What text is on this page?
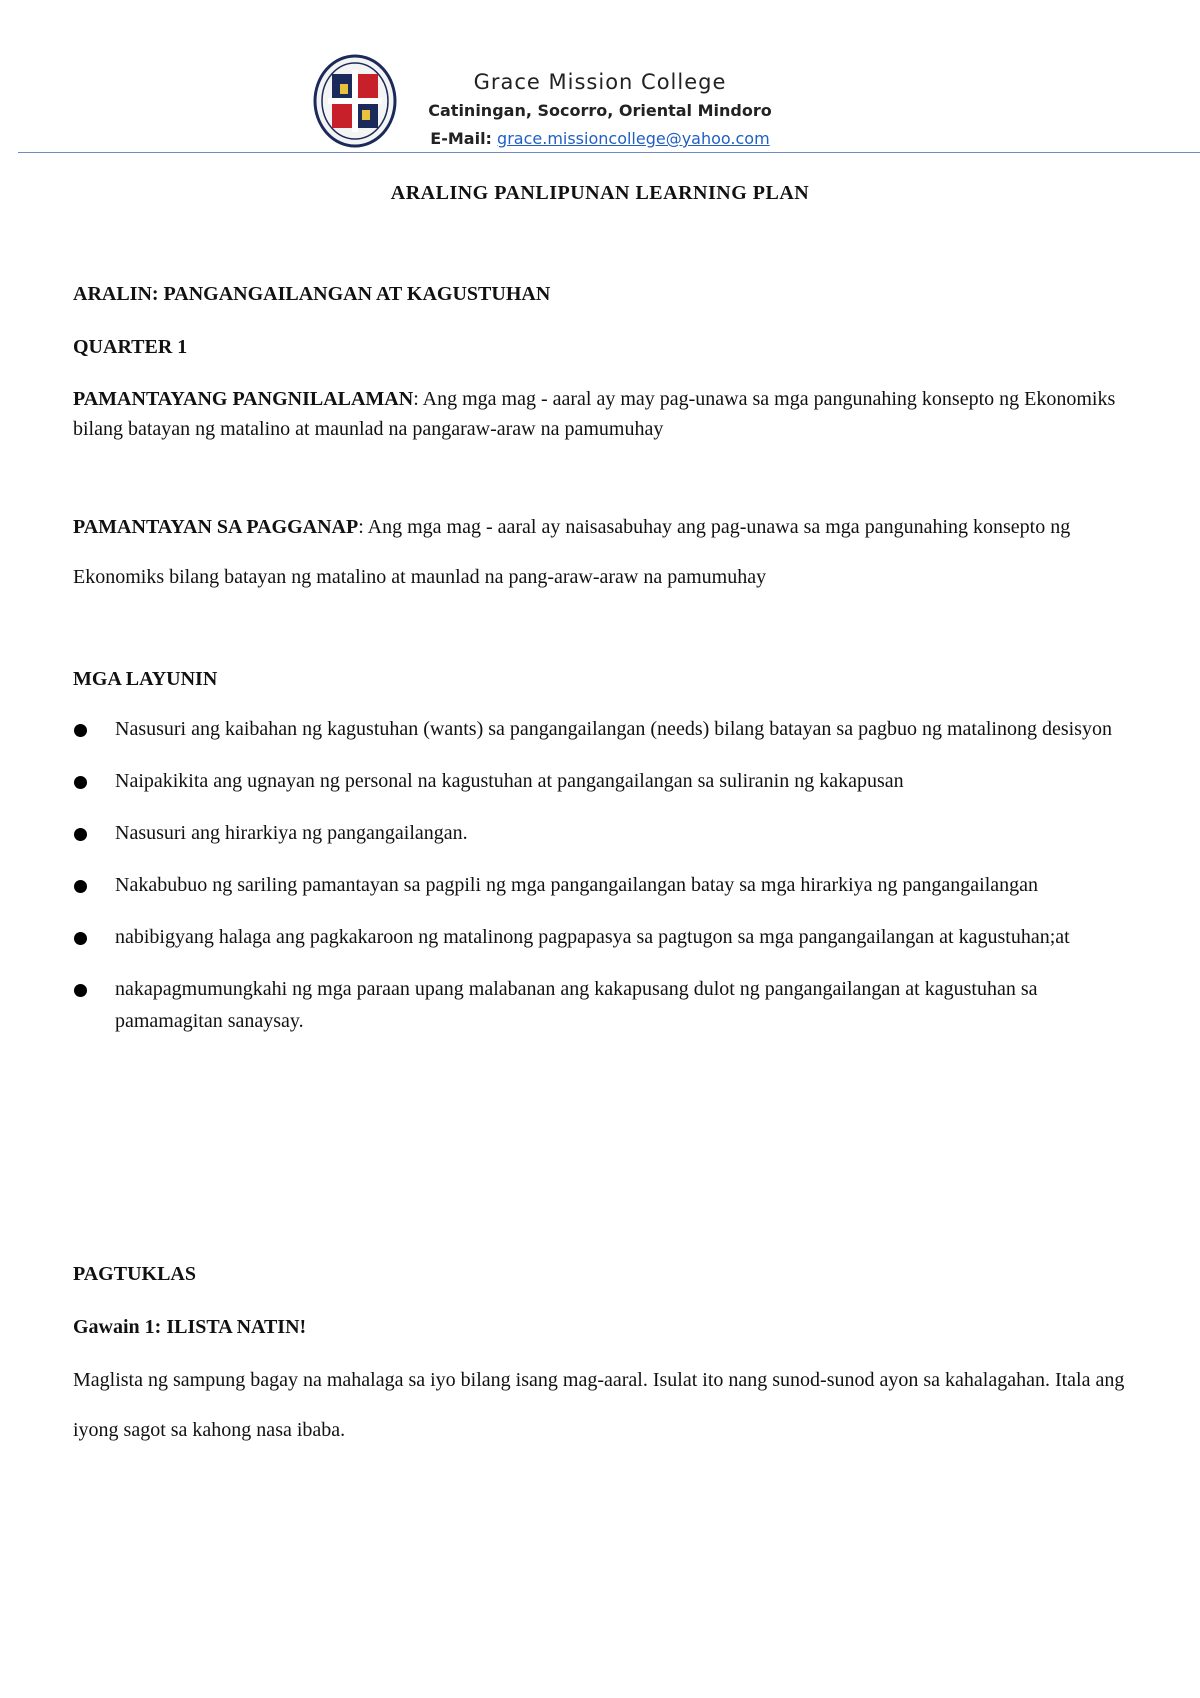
Grace Mission College
Catiningan, Socorro, Oriental Mindoro
E-Mail: grace.missioncollege@yahoo.com
ARALING PANLIPUNAN LEARNING PLAN
ARALIN: PANGANGAILANGAN AT KAGUSTUHAN
QUARTER 1
PAMANTAYANG PANGNILALAMAN: Ang mga mag - aaral ay may pag-unawa sa mga pangunahing konsepto ng Ekonomiks bilang batayan ng matalino at maunlad na pangaraw-araw na pamumuhay
PAMANTAYAN SA PAGGANAP: Ang mga mag - aaral ay naisasabuhay ang pag-unawa sa mga pangunahing konsepto ng Ekonomiks bilang batayan ng matalino at maunlad na pang-araw-araw na pamumuhay
MGA LAYUNIN
Nasusuri ang kaibahan ng kagustuhan (wants) sa pangangailangan (needs) bilang batayan sa pagbuo ng matalinong desisyon
Naipakikita ang ugnayan ng personal na kagustuhan at pangangailangan sa suliranin ng kakapusan
Nasusuri ang hirarkiya ng pangangailangan.
Nakabubuo ng sariling pamantayan sa pagpili ng mga pangangailangan batay sa mga hirarkiya ng pangangailangan
nabibigyang halaga ang pagkakaroon ng matalinong pagpapasya sa pagtugon sa mga pangangailangan at kagustuhan;at
nakapagmumungkahi ng mga paraan upang malabanan ang kakapusang dulot ng pangangailangan at kagustuhan sa pamamagitan sanaysay.
PAGTUKLAS
Gawain 1: ILISTA NATIN!
Maglista ng sampung bagay na mahalaga sa iyo bilang isang mag-aaral. Isulat ito nang sunod-sunod ayon sa kahalagahan. Itala ang iyong sagot sa kahong nasa ibaba.
